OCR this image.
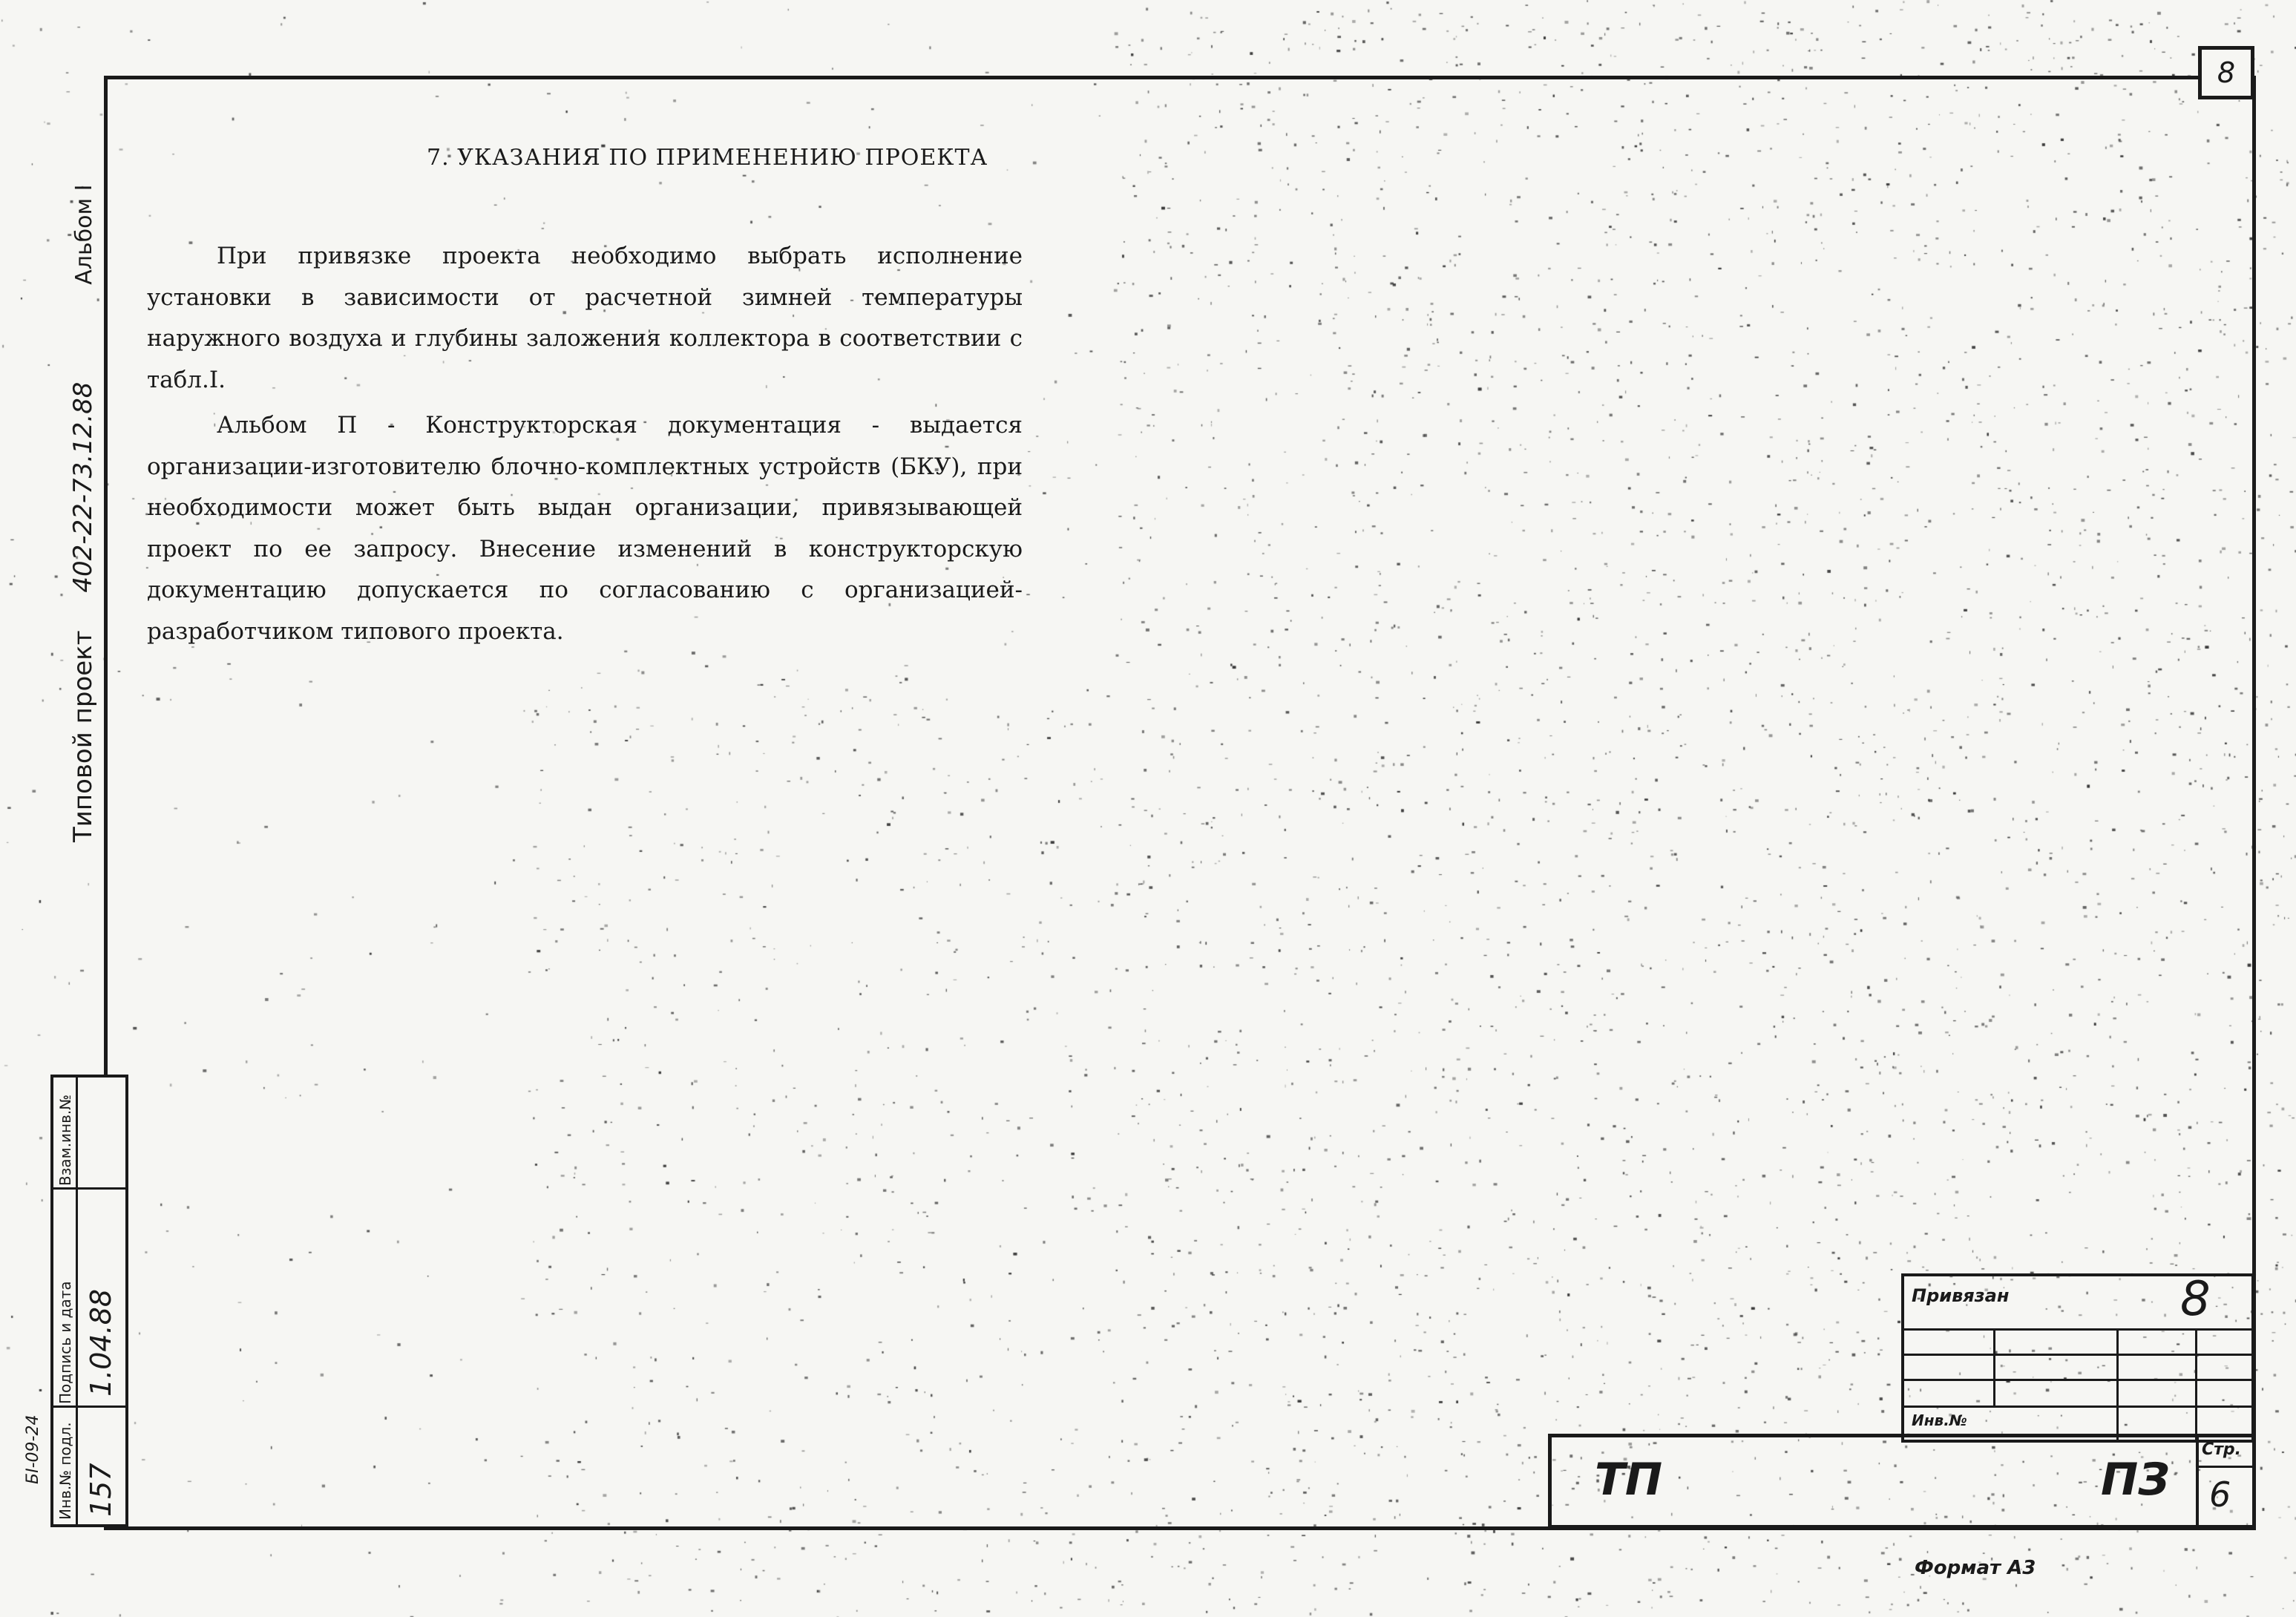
8
7. УКАЗАНИЯ ПО ПРИМЕНЕНИЮ ПРОЕКТА

При привязке проекта необходимо выбрать исполнение установки в зависимости от расчетной зимней температуры наружного воздуха и глубины заложения коллектора в соответствии с табл.I.

Альбом П - Конструкторская документация - выдается организации-изготовителю блочно-комплектных устройств (БКУ), при необходимости может быть выдан организации, привязывающей проект по ее запросу. Внесение изменений в конструкторскую документацию допускается по согласованию с организацией-разработчиком типового проекта.

Типовой проект 402-22-73.12.88 Альбом I
Взам.инв.№
Подпись и дата 1.04.88
Инв.№ подл. 157
БІ-09-24
Привязан	8
Инв.№
ТП	ПЗ
Стр.
6
Формат А3
